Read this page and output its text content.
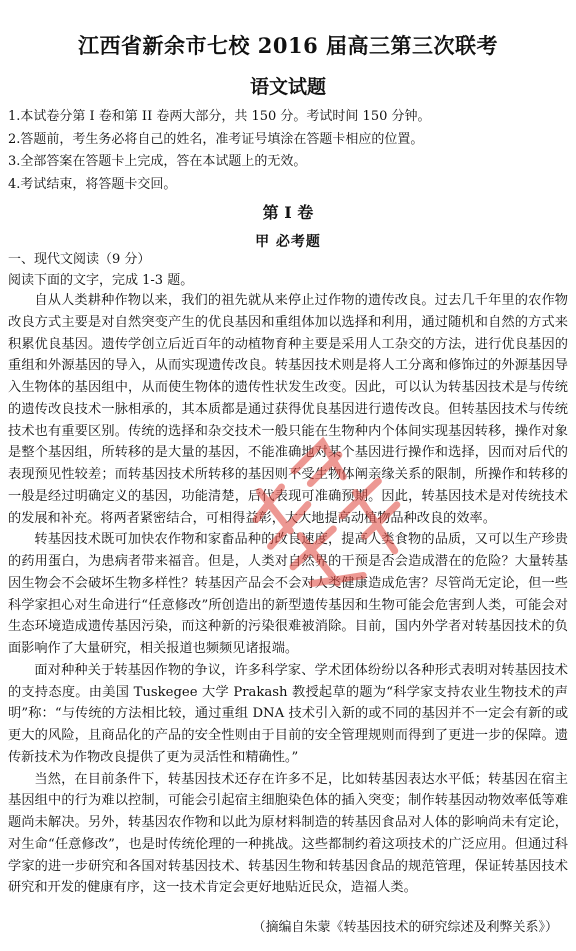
江西省新余市七校 2016 届高三第三次联考
语文试题
1.本试卷分第 I 卷和第 II 卷两大部分，共 150 分。考试时间 150 分钟。
2.答题前，考生务必将自己的姓名，准考证号填涂在答题卡相应的位置。
3.全部答案在答题卡上完成，答在本试题上的无效。
4.考试结束，将答题卡交回。
第 I 卷
甲 必考题

一、现代文阅读（9 分）

阅读下面的文字，完成 1-3 题。

自从人类耕种作物以来，我们的祖先就从来停止过作物的遗传改良。过去几千年里的农作物改良方式主要是对自然突变产生的优良基因和重组体加以选择和利用，通过随机和自然的方式来积累优良基因。遗传学创立后近百年的动植物育种主要是采用人工杂交的方法，进行优良基因的重组和外源基因的导入，从而实现遗传改良。转基因技术则是将人工分离和修饰过的外源基因导入生物体的基因组中，从而使生物体的遗传性状发生改变。因此，可以认为转基因技术是与传统的遗传改良技术一脉相承的，其本质都是通过获得优良基因进行遗传改良。但转基因技术与传统技术也有重要区别。传统的选择和杂交技术一般只能在生物种内个体间实现基因转移，操作对象是整个基因组，所转移的是大量的基因，不能准确地对某个基因进行操作和选择，因而对后代的表现预见性较差；而转基因技术所转移的基因则不受生物体阐亲缘关系的限制，所操作和转移的一般是经过明确定义的基因，功能清楚，后代表现可准确预期。因此，转基因技术是对传统技术的发展和补充。将两者紧密结合，可相得益彰，大大地提高动植物品种改良的效率。

转基因技术既可加快农作物和家畜品种的改良速度，提高人类食物的品质，又可以生产珍贵的药用蛋白，为患病者带来福音。但是，人类对自然界的干预是否会造成潜在的危险？大量转基因生物会不会破坏生物多样性？转基因产品会不会对人类健康造成危害？尽管尚无定论，但一些科学家担心对生命进行“任意修改”所创造出的新型遗传基因和生物可能会危害到人类，可能会对生态环境造成遗传基因污染，而这种新的污染很难被消除。目前，国内外学者对转基因技术的负面影响作了大量研究，相关报道也频频见诸报端。

面对种种关于转基因作物的争议，许多科学家、学术团体纷纷以各种形式表明对转基因技术的支持态度。由美国 Tuskegee 大学 Prakash 教授起草的题为“科学家支持农业生物技术的声明”称：“与传统的方法相比较，通过重组 DNA 技术引入新的或不同的基因并不一定会有新的或更大的风险，且商品化的产品的安全性则由于目前的安全管理规则而得到了更进一步的保障。遗传新技术为作物改良提供了更为灵活性和精确性。”

当然，在目前条件下，转基因技术还存在许多不足，比如转基因表达水平低；转基因在宿主基因组中的行为难以控制，可能会引起宿主细胞染色体的插入突变；制作转基因动物效率低等难题尚未解决。另外，转基因农作物和以此为原材料制造的转基因食品对人体的影响尚未有定论，对生命“任意修改”，也是时传统伦理的一种挑战。这些都制约着这项技术的广泛应用。但通过科学家的进一步研究和各国对转基因技术、转基因生物和转基因食品的规范管理，保证转基因技术研究和开发的健康有序，这一技术肯定会更好地贴近民众，造福人类。

（摘编自朱蒙《转基因技术的研究综述及利弊关系》）
